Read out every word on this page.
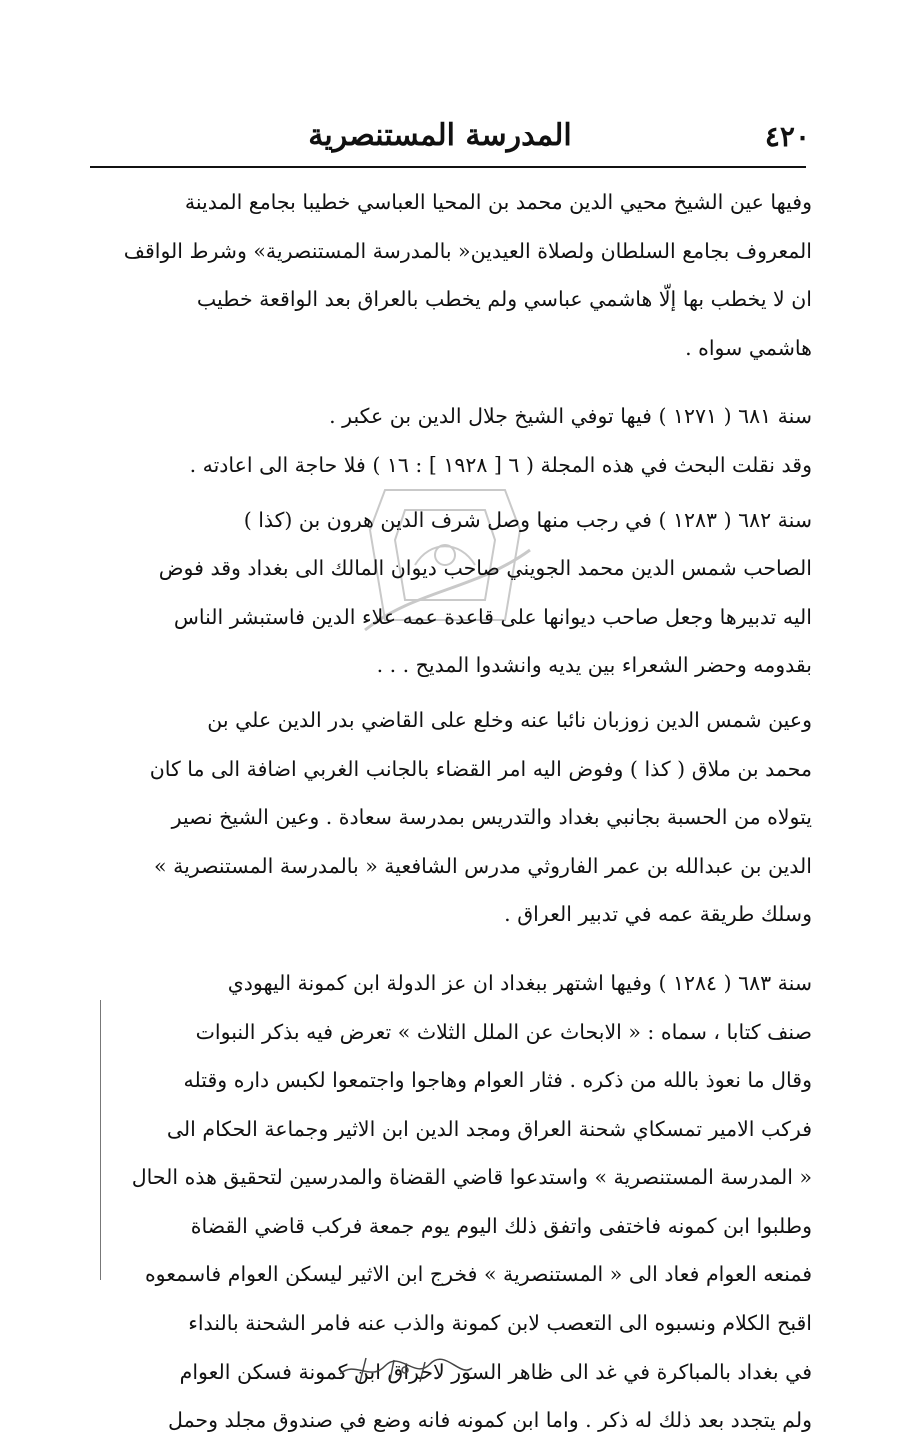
المدرسة المستنصرية	٤٢٠
وفيها عين الشيخ محيي الدين محمد بن المحيا العباسي خطيبا بجامع المدينة
المعروف بجامع السلطان ولصلاة العيدين« بالمدرسة المستنصرية» وشرط الواقف
ان لا يخطب بها إلّا هاشمي عباسي ولم يخطب بالعراق بعد الواقعة خطيب
هاشمي سواه .
سنة ٦٨١ ( ١٢٧١ ) فيها توفي الشيخ جلال الدين بن عكبر .
وقد نقلت البحث في هذه المجلة ( ٦ [ ١٩٢٨ ] : ١٦ ) فلا حاجة الى اعادته .
سنة ٦٨٢ ( ١٢٨٣ ) في رجب منها وصل شرف الدين هرون بن (كذا )
الصاحب شمس الدين محمد الجويني صاحب ديوان المالك الى بغداد وقد فوض
اليه تدبيرها وجعل صاحب ديوانها على قاعدة عمه علاء الدين فاستبشر الناس
بقدومه وحضر الشعراء بين يديه وانشدوا المديح . . .
وعين شمس الدين زوزبان نائبا عنه وخلع على القاضي بدر الدين علي بن
محمد بن ملاق ( كذا ) وفوض اليه امر القضاء بالجانب الغربي اضافة الى ما كان
يتولاه من الحسبة بجانبي بغداد والتدريس بمدرسة سعادة . وعين الشيخ نصير
الدين بن عبدالله بن عمر الفاروثي مدرس الشافعية « بالمدرسة المستنصرية »
وسلك طريقة عمه في تدبير العراق .
سنة ٦٨٣ ( ١٢٨٤ ) وفيها اشتهر ببغداد ان عز الدولة ابن كمونة اليهودي
صنف كتابا ، سماه : « الابحاث عن الملل الثلاث » تعرض فيه بذكر النبوات
وقال ما نعوذ بالله من ذكره . فثار العوام وهاجوا واجتمعوا لكبس داره وقتله
فركب الامير تمسكاي شحنة العراق ومجد الدين ابن الاثير وجماعة الحكام الى
« المدرسة المستنصرية » واستدعوا قاضي القضاة والمدرسين لتحقيق هذه الحال
وطلبوا ابن كمونه فاختفى واتفق ذلك اليوم يوم جمعة فركب قاضي القضاة
فمنعه العوام فعاد الى « المستنصرية » فخرج ابن الاثير ليسكن العوام فاسمعوه
اقبح الكلام ونسبوه الى التعصب لابن كمونة والذب عنه فامر الشحنة بالنداء
في بغداد بالمباكرة في غد الى ظاهر السور لاحراق ابن كمونة فسكن العوام
ولم يتجدد بعد ذلك له ذكر . واما ابن كمونه فانه وضع في صندوق مجلد وحمل
